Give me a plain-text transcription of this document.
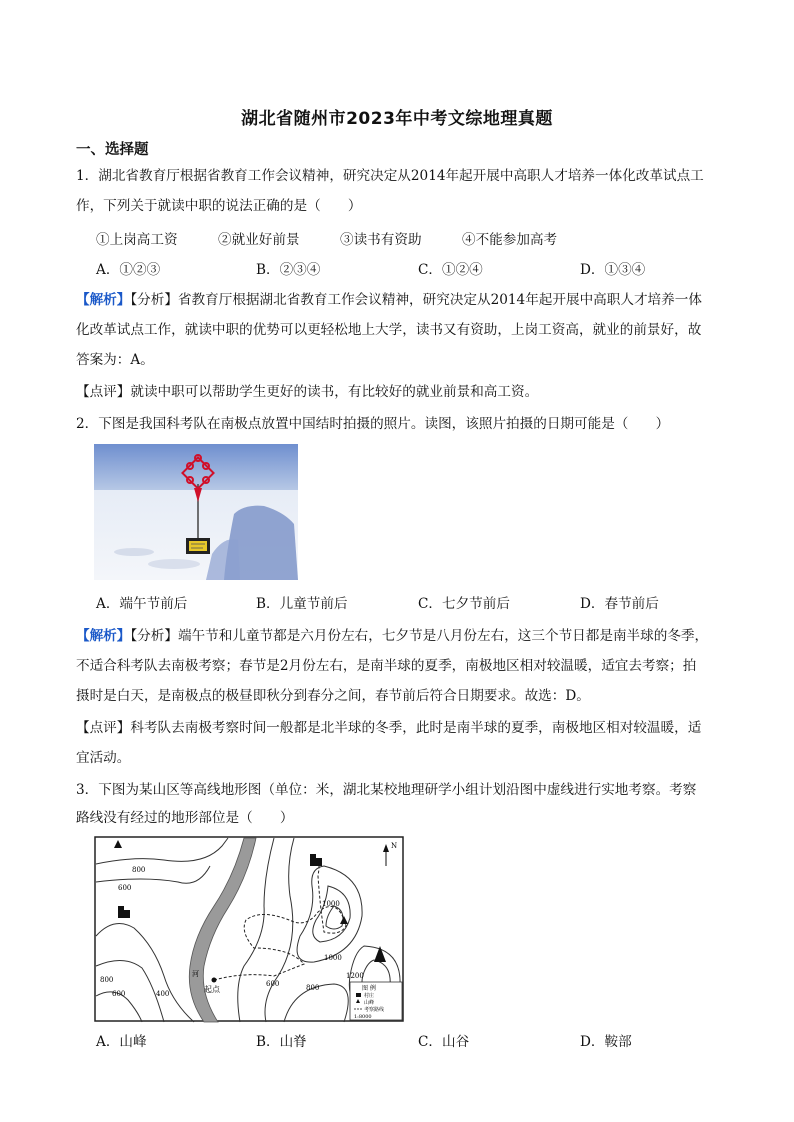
湖北省随州市2023年中考文综地理真题
一、选择题
1．湖北省教育厅根据省教育工作会议精神，研究决定从2014年起开展中高职人才培养一体化改革试点工
作，下列关于就读中职的说法正确的是（　　）
①上岗高工资	②就业好前景	③读书有资助	④不能参加高考
A．①②③	B．②③④	C．①②④	D．①③④
【解析】【分析】省教育厅根据湖北省教育工作会议精神，研究决定从2014年起开展中高职人才培养一体
化改革试点工作，就读中职的优势可以更轻松地上大学，读书又有资助，上岗工资高，就业的前景好，故
答案为：A。
【点评】就读中职可以帮助学生更好的读书，有比较好的就业前景和高工资。
2．下图是我国科考队在南极点放置中国结时拍摄的照片。读图，该照片拍摄的日期可能是（　　）
A．端午节前后	B．儿童节前后	C．七夕节前后	D．春节前后
【解析】【分析】端午节和儿童节都是六月份左右，七夕节是八月份左右，这三个节日都是南半球的冬季，
不适合科考队去南极考察；春节是2月份左右，是南半球的夏季，南极地区相对较温暖，适宜去考察；拍
摄时是白天，是南极点的极昼即秋分到春分之间，春节前后符合日期要求。故选：D。
【点评】科考队去南极考察时间一般都是北半球的冬季，此时是南半球的夏季，南极地区相对较温暖，适
宜活动。
3．下图为某山区等高线地形图（单位：米，湖北某校地理研学小组计划沿图中虚线进行实地考察。考察
路线没有经过的地形部位是（　　）
N
800
600
400
600
800
1000
1200
800
1000
600
河
起点	图 例
村庄
山峰
考察路线
1:8000
A．山峰	B．山脊	C．山谷	D．鞍部
